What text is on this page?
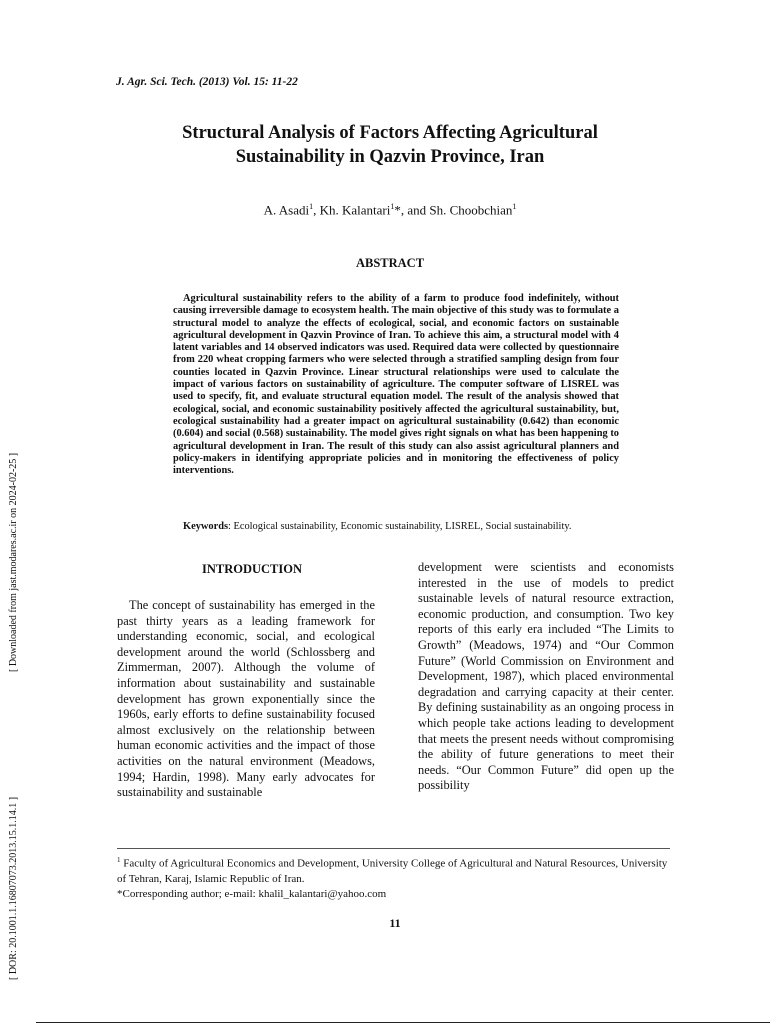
J. Agr. Sci. Tech. (2013) Vol. 15: 11-22
Structural Analysis of Factors Affecting Agricultural
Sustainability in Qazvin Province, Iran
A. Asadi$^1$, Kh. Kalantari$^1$*, and Sh. Choobchian$^1$
ABSTRACT
Agricultural sustainability refers to the ability of a farm to produce food indefinitely, without causing irreversible damage to ecosystem health. The main objective of this study was to formulate a structural model to analyze the effects of ecological, social, and economic factors on sustainable agricultural development in Qazvin Province of Iran. To achieve this aim, a structural model with 4 latent variables and 14 observed indicators was used. Required data were collected by questionnaire from 220 wheat cropping farmers who were selected through a stratified sampling design from four counties located in Qazvin Province. Linear structural relationships were used to calculate the impact of various factors on sustainability of agriculture. The computer software of LISREL was used to specify, fit, and evaluate structural equation model. The result of the analysis showed that ecological, social, and economic sustainability positively affected the agricultural sustainability, but, ecological sustainability had a greater impact on agricultural sustainability (0.642) than economic (0.604) and social (0.568) sustainability. The model gives right signals on what has been happening to agricultural development in Iran. The result of this study can also assist agricultural planners and policy-makers in identifying appropriate policies and in monitoring the effectiveness of policy interventions.
Keywords: Ecological sustainability, Economic sustainability, LISREL, Social sustainability.
INTRODUCTION
The concept of sustainability has emerged in the past thirty years as a leading framework for understanding economic, social, and ecological development around the world (Schlossberg and Zimmerman, 2007). Although the volume of information about sustainability and sustainable development has grown exponentially since the 1960s, early efforts to define sustainability focused almost exclusively on the relationship between human economic activities and the impact of those activities on the natural environment (Meadows, 1994; Hardin, 1998). Many early advocates for sustainability and sustainable
development were scientists and economists interested in the use of models to predict sustainable levels of natural resource extraction, economic production, and consumption. Two key reports of this early era included “The Limits to Growth” (Meadows, 1974) and “Our Common Future” (World Commission on Environment and Development, 1987), which placed environmental degradation and carrying capacity at their center. By defining sustainability as an ongoing process in which people take actions leading to development that meets the present needs without compromising the ability of future generations to meet their needs. “Our Common Future” did open up the possibility
$^1$ Faculty of Agricultural Economics and Development, University College of Agricultural and Natural Resources, University of Tehran, Karaj, Islamic Republic of Iran.
*Corresponding author; e-mail: khalil_kalantari@yahoo.com
11
[ Downloaded from jast.modares.ac.ir on 2024-02-25 ]
[ DOR: 20.1001.1.16807073.2013.15.1.14.1 ]
